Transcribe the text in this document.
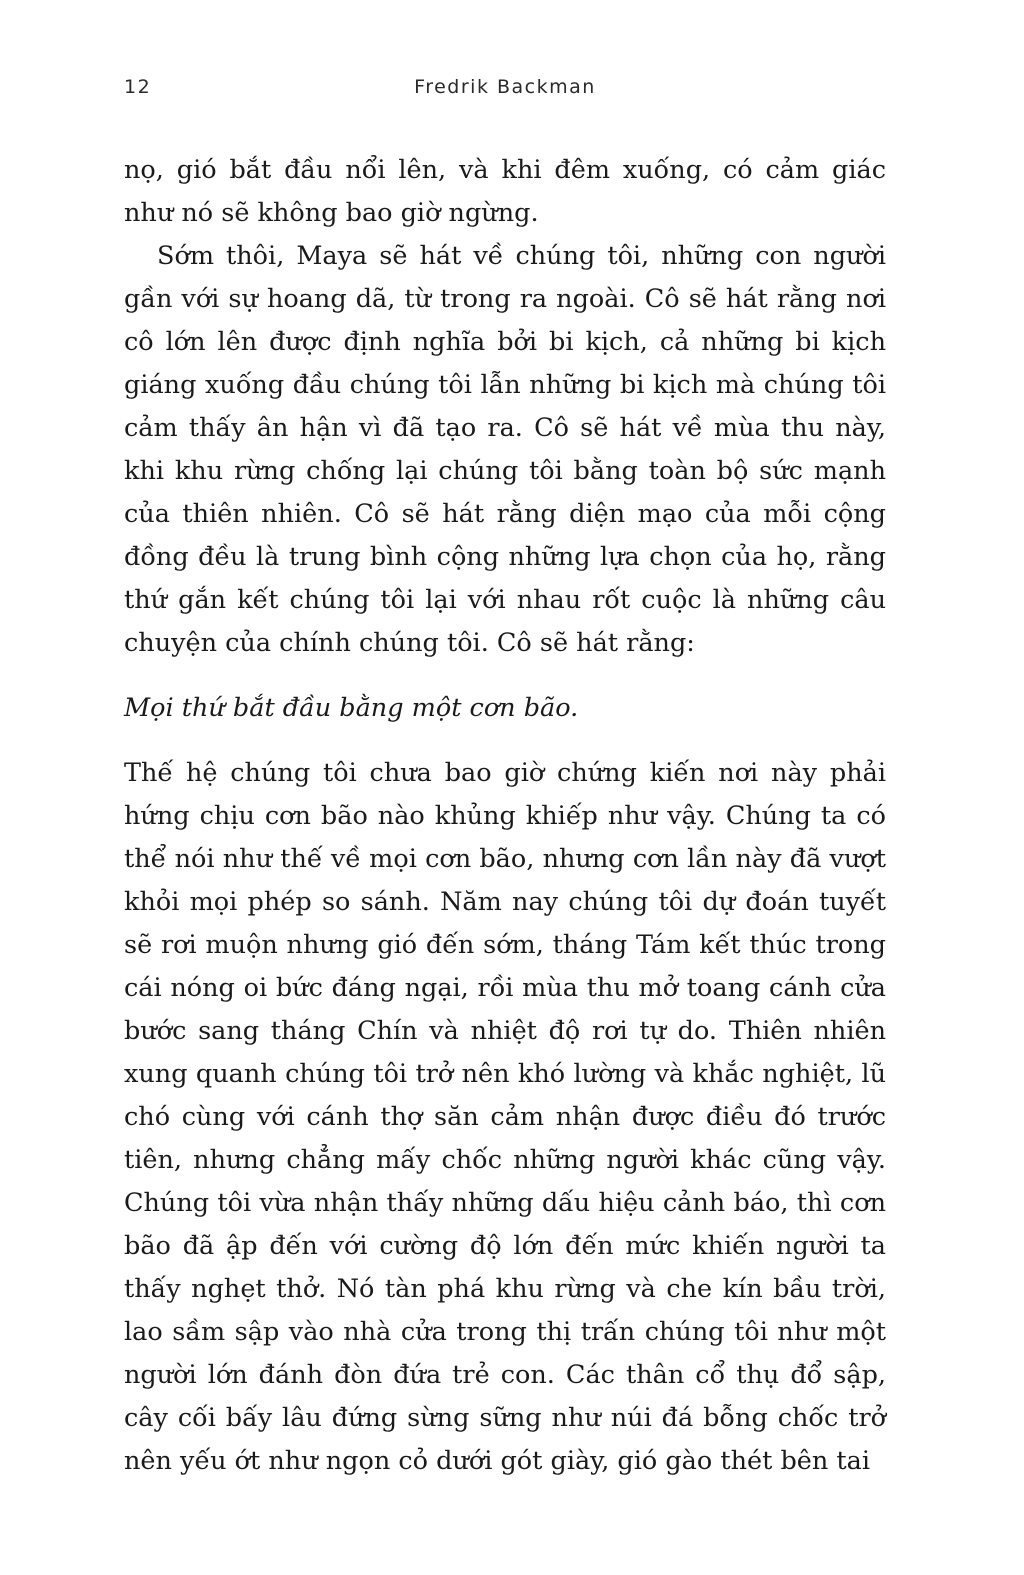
12	Fredrik Backman

nọ, gió bắt đầu nổi lên, và khi đêm xuống, có cảm giác như nó sẽ không bao giờ ngừng.

Sớm thôi, Maya sẽ hát về chúng tôi, những con người gần với sự hoang dã, từ trong ra ngoài. Cô sẽ hát rằng nơi cô lớn lên được định nghĩa bởi bi kịch, cả những bi kịch giáng xuống đầu chúng tôi lẫn những bi kịch mà chúng tôi cảm thấy ân hận vì đã tạo ra. Cô sẽ hát về mùa thu này, khi khu rừng chống lại chúng tôi bằng toàn bộ sức mạnh của thiên nhiên. Cô sẽ hát rằng diện mạo của mỗi cộng đồng đều là trung bình cộng những lựa chọn của họ, rằng thứ gắn kết chúng tôi lại với nhau rốt cuộc là những câu chuyện của chính chúng tôi. Cô sẽ hát rằng:

Mọi thứ bắt đầu bằng một cơn bão.

Thế hệ chúng tôi chưa bao giờ chứng kiến nơi này phải hứng chịu cơn bão nào khủng khiếp như vậy. Chúng ta có thể nói như thế về mọi cơn bão, nhưng cơn lần này đã vượt khỏi mọi phép so sánh. Năm nay chúng tôi dự đoán tuyết sẽ rơi muộn nhưng gió đến sớm, tháng Tám kết thúc trong cái nóng oi bức đáng ngại, rồi mùa thu mở toang cánh cửa bước sang tháng Chín và nhiệt độ rơi tự do. Thiên nhiên xung quanh chúng tôi trở nên khó lường và khắc nghiệt, lũ chó cùng với cánh thợ săn cảm nhận được điều đó trước tiên, nhưng chẳng mấy chốc những người khác cũng vậy. Chúng tôi vừa nhận thấy những dấu hiệu cảnh báo, thì cơn bão đã ập đến với cường độ lớn đến mức khiến người ta thấy nghẹt thở. Nó tàn phá khu rừng và che kín bầu trời, lao sầm sập vào nhà cửa trong thị trấn chúng tôi như một người lớn đánh đòn đứa trẻ con. Các thân cổ thụ đổ sập, cây cối bấy lâu đứng sừng sững như núi đá bỗng chốc trở nên yếu ớt như ngọn cỏ dưới gót giày, gió gào thét bên tai
